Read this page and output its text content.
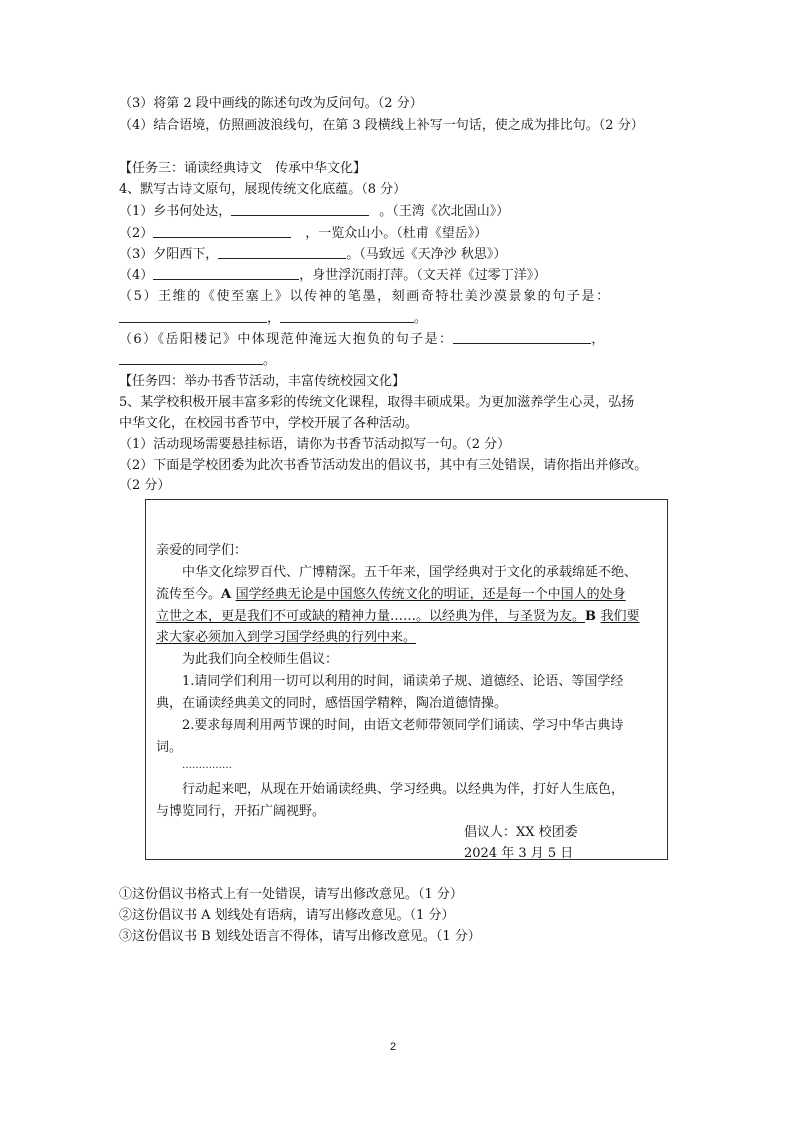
（3）将第 2 段中画线的陈述句改为反问句。（2 分）
（4）结合语境，仿照画波浪线句，在第 3 段横线上补写一句话，使之成为排比句。（2 分）
【任务三：诵读经典诗文　传承中华文化】
4、默写古诗文原句，展现传统文化底蕴。（8 分）
（1）乡书何处达，	。（王湾《次北固山》）
（2）	，一览众山小。（杜甫《望岳》）
（3）夕阳西下，	。（马致远《天净沙 秋思》）
（4）	，身世浮沉雨打萍。（文天祥《过零丁洋》）
（5）王维的《使至塞上》以传神的笔墨，刻画奇特壮美沙漠景象的句子是：
，	。
（6）《岳阳楼记》中体现范仲淹远大抱负的句子是：	，
。
【任务四：举办书香节活动，丰富传统校园文化】
5、某学校积极开展丰富多彩的传统文化课程，取得丰硕成果。为更加滋养学生心灵，弘扬
中华文化，在校园书香节中，学校开展了各种活动。
（1）活动现场需要悬挂标语，请你为书香节活动拟写一句。（2 分）
（2）下面是学校团委为此次书香节活动发出的倡议书，其中有三处错误，请你指出并修改。
（2 分）
亲爱的同学们：
中华文化综罗百代、广博精深。五千年来，国学经典对于文化的承载绵延不绝、
流传至今。A 国学经典无论是中国悠久传统文化的明证，还是每一个中国人的处身
立世之本，更是我们不可或缺的精神力量……。以经典为伴，与圣贤为友。B 我们要
求大家必须加入到学习国学经典的行列中来。
为此我们向全校师生倡议：
1.请同学们利用一切可以利用的时间，诵读弟子规、道德经、论语、等国学经
典，在诵读经典美文的同时，感悟国学精粹，陶冶道德情操。
2.要求每周利用两节课的时间，由语文老师带领同学们诵读、学习中华古典诗
词。
……………
行动起来吧，从现在开始诵读经典、学习经典。以经典为伴，打好人生底色，
与博览同行，开拓广阔视野。
倡议人：XX 校团委
2024 年 3 月 5 日
①这份倡议书格式上有一处错误，请写出修改意见。（1 分）
②这份倡议书 A 划线处有语病，请写出修改意见。（1 分）
③这份倡议书 B 划线处语言不得体，请写出修改意见。（1 分）
2
